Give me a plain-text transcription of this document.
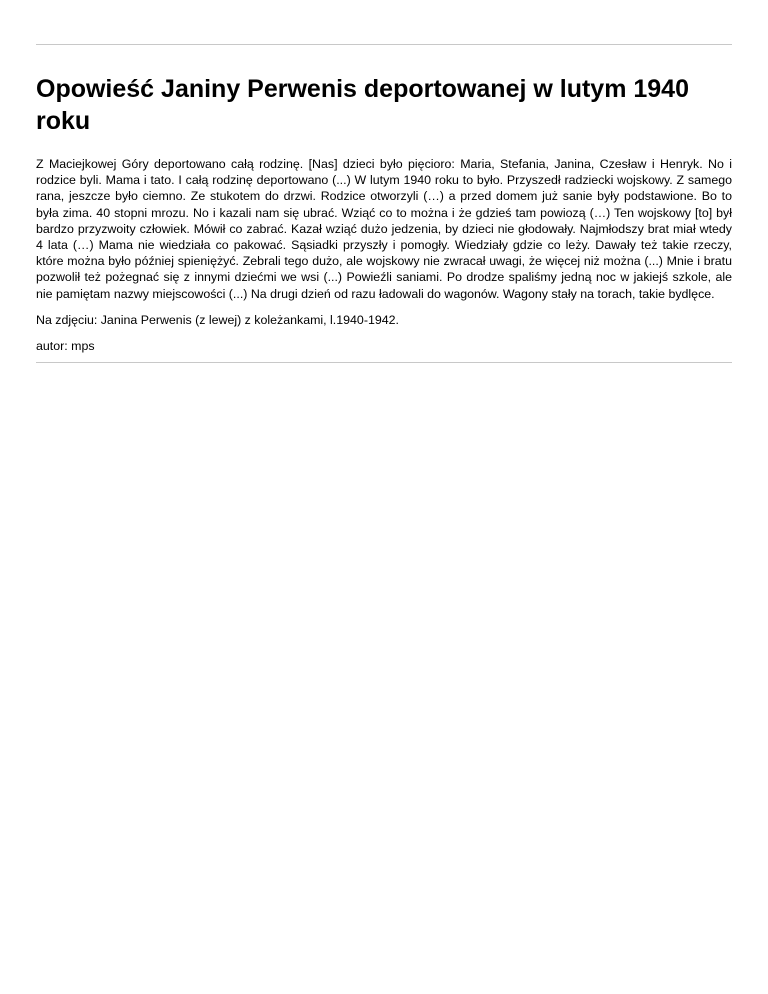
Opowieść Janiny Perwenis deportowanej w lutym 1940 roku

Z Maciejkowej Góry deportowano całą rodzinę. [Nas] dzieci było pięcioro: Maria, Stefania, Janina, Czesław i Henryk. No i rodzice byli. Mama i tato. I całą rodzinę deportowano (...) W lutym 1940 roku to było. Przyszedł radziecki wojskowy. Z samego rana, jeszcze było ciemno. Ze stukotem do drzwi. Rodzice otworzyli (…) a przed domem już sanie były podstawione. Bo to była zima. 40 stopni mrozu. No i kazali nam się ubrać. Wziąć co to można i że gdzieś tam powiozą (…) Ten wojskowy [to] był bardzo przyzwoity człowiek. Mówił co zabrać. Kazał wziąć dużo jedzenia, by dzieci nie głodowały. Najmłodszy brat miał wtedy 4 lata (…) Mama nie wiedziała co pakować. Sąsiadki przyszły i pomogły. Wiedziały gdzie co leży. Dawały też takie rzeczy, które można było później spieniężyć. Zebrali tego dużo, ale wojskowy nie zwracał uwagi, że więcej niż można (...) Mnie i bratu pozwolił też pożegnać się z innymi dziećmi we wsi (...) Powieźli saniami. Po drodze spaliśmy jedną noc w jakiejś szkole, ale nie pamiętam nazwy miejscowości (...) Na drugi dzień od razu ładowali do wagonów. Wagony stały na torach, takie bydlęce.

Na zdjęciu: Janina Perwenis (z lewej) z koleżankami, l.1940-1942.

autor: mps
